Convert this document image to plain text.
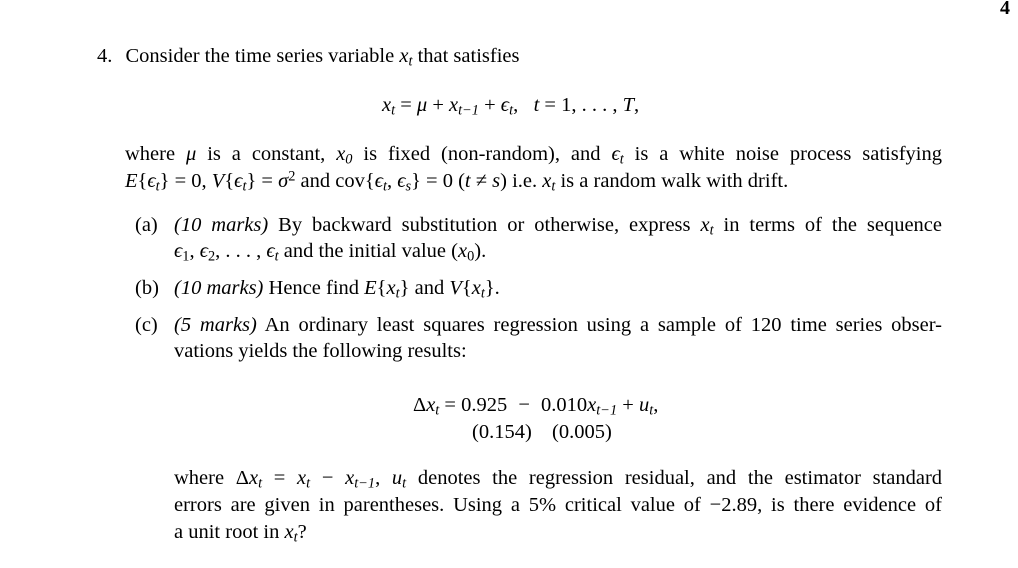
4
4. Consider the time series variable $x_t$ that satisfies
$x_t = \mu + x_{t-1} + \epsilon_t$,   t = 1, . . . , T,
where μ is a constant, $x_0$ is fixed (non-random), and $\epsilon_t$ is a white noise process satisfying
$E\{\epsilon_t\} = 0$, $V\{\epsilon_t\} = \sigma^2$ and $cov\{\epsilon_t$, $\epsilon_s\} = 0$ (t ≠ s) i.e. $x_t$ is a random walk with drift.
(a) (10 marks) By backward substitution or otherwise, express $x_t$ in terms of the sequence
$\epsilon_1$, $\epsilon_2$, . . . , $\epsilon_t$ and the initial value $(x_0)$.
(b) (10 marks) Hence find $E\{x_t\}$ and $V\{x_t\}$.
(c) (5 marks) An ordinary least squares regression using a sample of 120 time series obser-
vations yields the following results:
$\Delta x_t = 0.925 - 0.010x_{t-1} + u_t$,
(0.154) (0.005)
where $\Delta x_t = x_t - x_{t-1}$, $u_t$ denotes the regression residual, and the estimator standard
errors are given in parentheses. Using a 5% critical value of −2.89, is there evidence of
a unit root in $x_t$?
